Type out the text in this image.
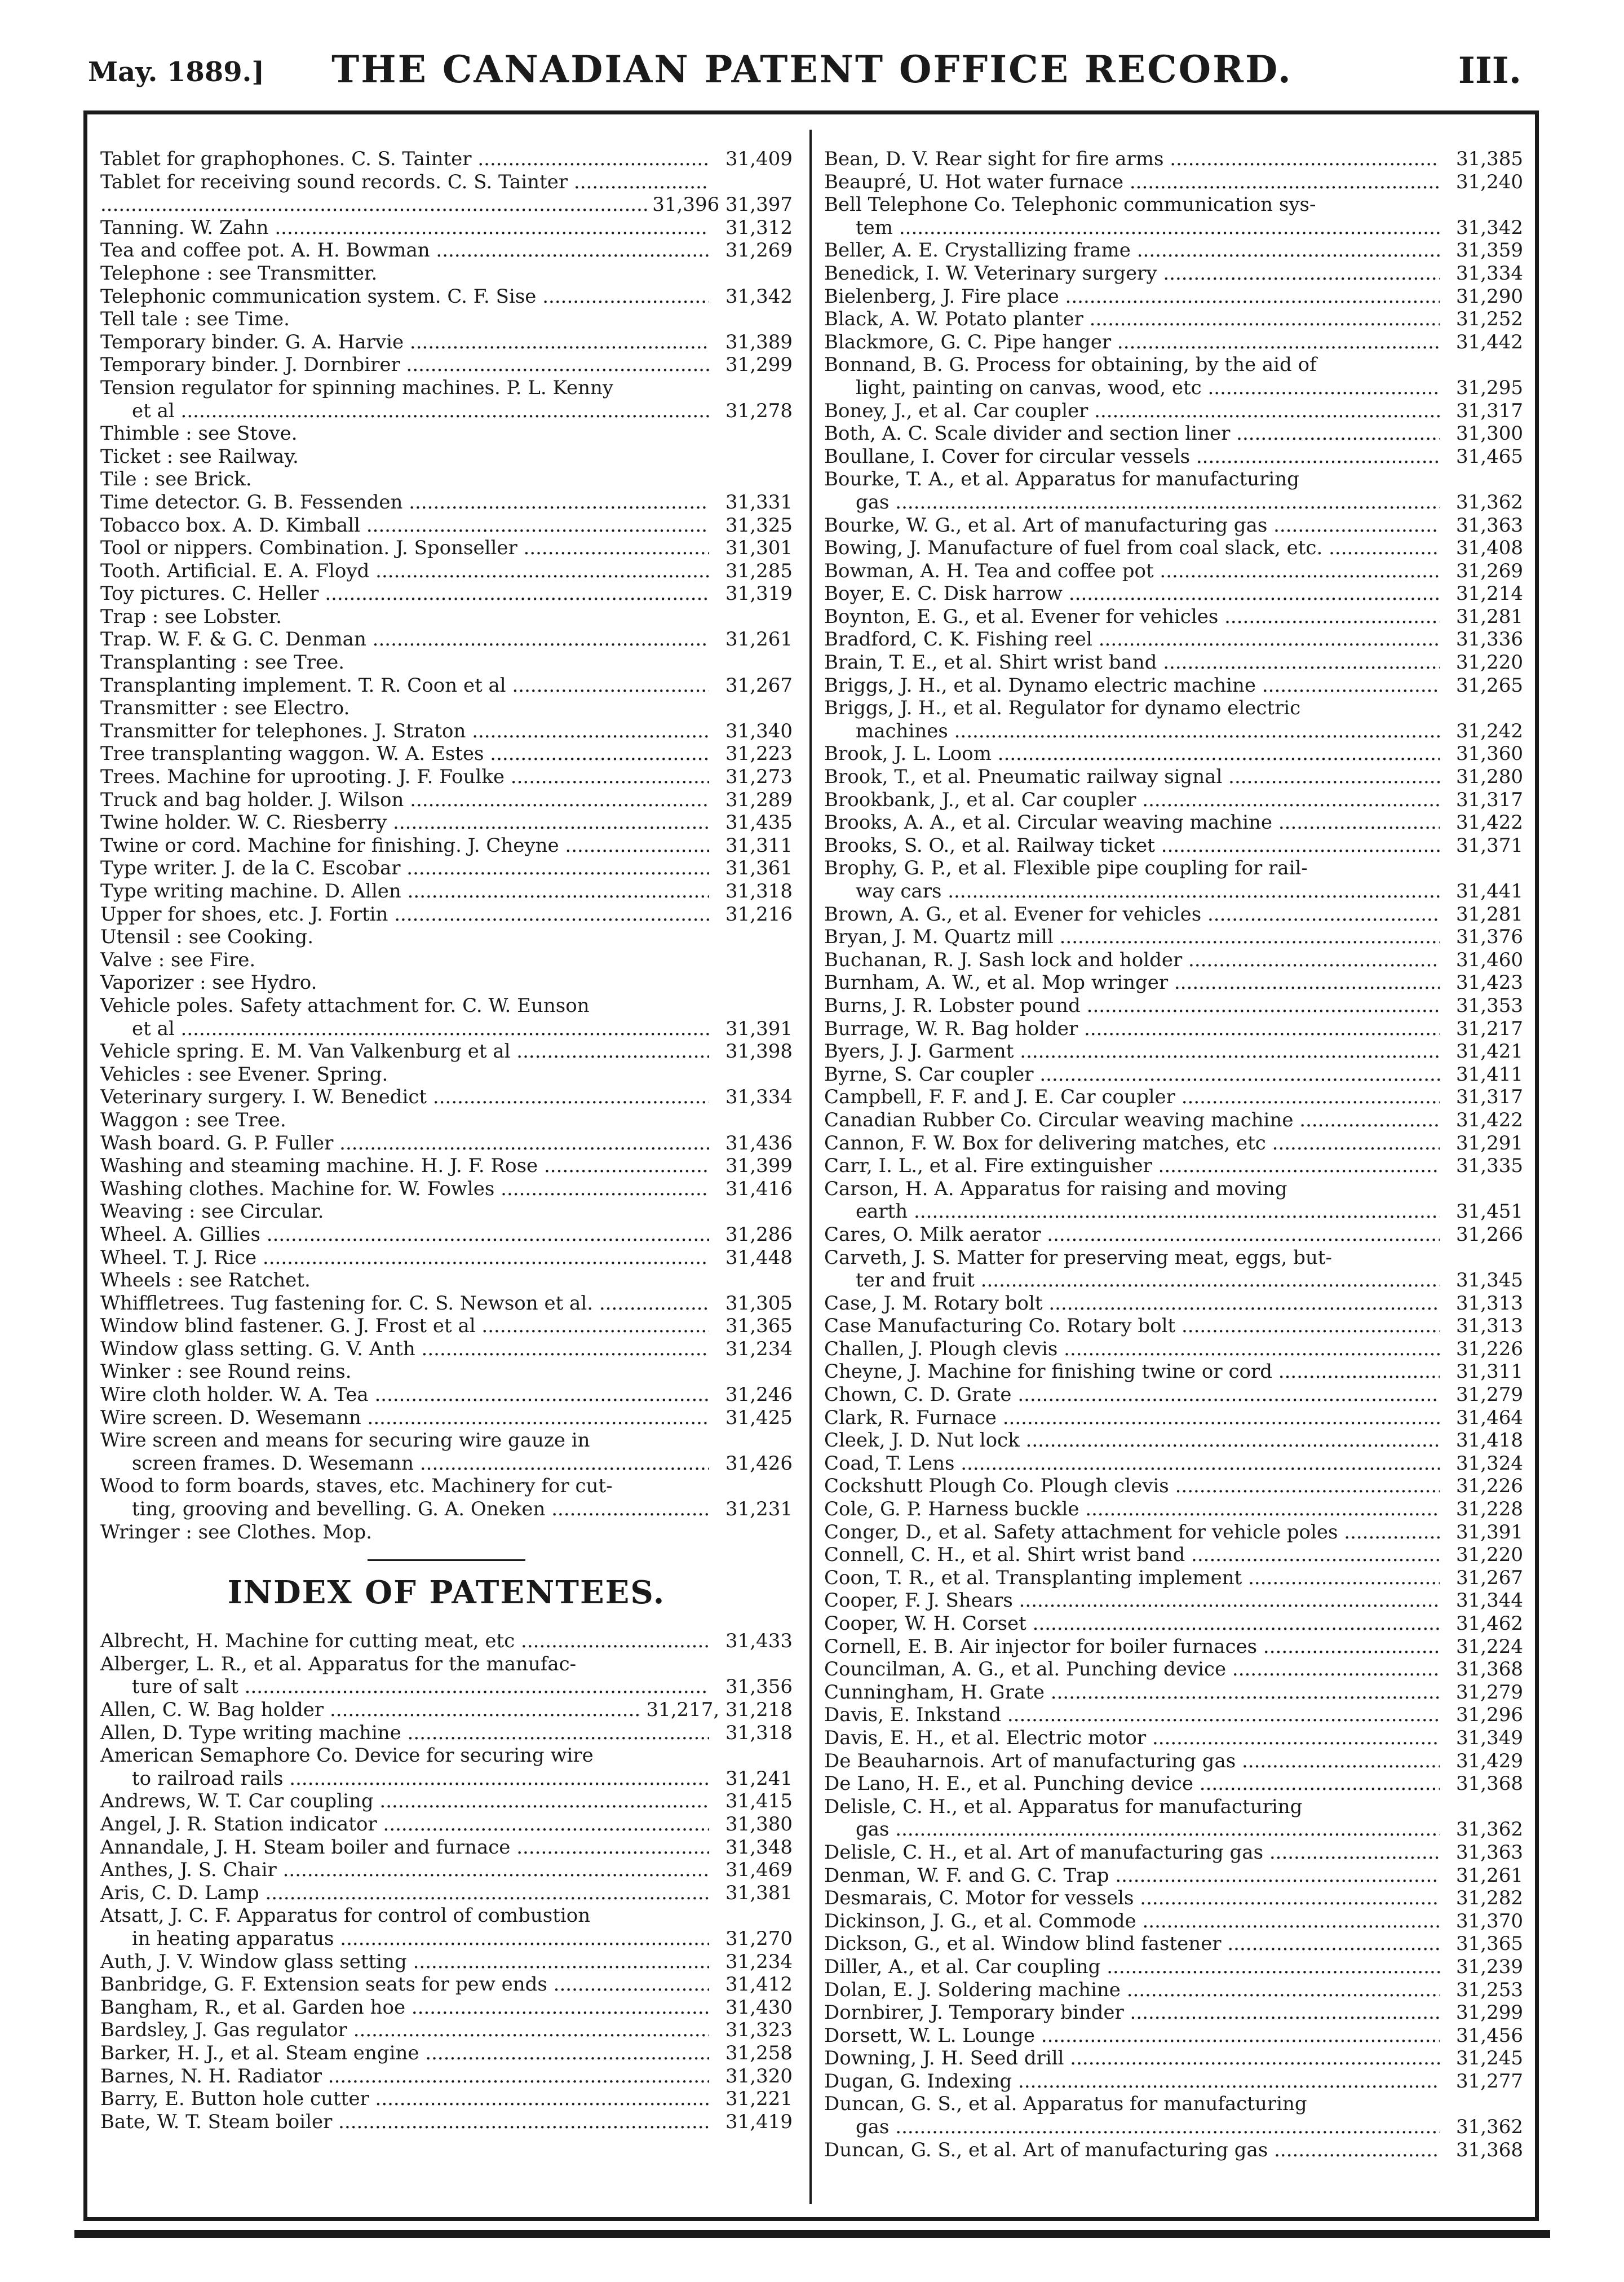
May. 1889.]	THE CANADIAN PATENT OFFICE RECORD.	III.
Tablet for graphophones. C. S. Tainter .....	31,409
Tablet for receiving sound records. C. S. Tainter .....
.....
31,396 31,397
Tanning. W. Zahn .....	31,312
Tea and coffee pot. A. H. Bowman .....	31,269
Telephone : see Transmitter.
Telephonic communication system. C. F. Sise .....	31,342
Tell tale : see Time.
Temporary binder. G. A. Harvie .....	31,389
Temporary binder. J. Dornbirer .....	31,299
Tension regulator for spinning machines. P. L. Kenny
et al .....	31,278
Thimble : see Stove.
Ticket : see Railway.
Tile : see Brick.
Time detector. G. B. Fessenden .....	31,331
Tobacco box. A. D. Kimball .....	31,325
Tool or nippers. Combination. J. Sponseller .....	31,301
Tooth. Artificial. E. A. Floyd .....	31,285
Toy pictures. C. Heller .....	31,319
Trap : see Lobster.
Trap. W. F. & G. C. Denman .....	31,261
Transplanting : see Tree.
Transplanting implement. T. R. Coon et al .....	31,267
Transmitter : see Electro.
Transmitter for telephones. J. Straton .....	31,340
Tree transplanting waggon. W. A. Estes .....	31,223
Trees. Machine for uprooting. J. F. Foulke .....	31,273
Truck and bag holder. J. Wilson .....	31,289
Twine holder. W. C. Riesberry .....	31,435
Twine or cord. Machine for finishing. J. Cheyne .....	31,311
Type writer. J. de la C. Escobar .....	31,361
Type writing machine. D. Allen .....	31,318
Upper for shoes, etc. J. Fortin .....	31,216
Utensil : see Cooking.
Valve : see Fire.
Vaporizer : see Hydro.
Vehicle poles. Safety attachment for. C. W. Eunson
et al .....	31,391
Vehicle spring. E. M. Van Valkenburg et al .....	31,398
Vehicles : see Evener. Spring.
Veterinary surgery. I. W. Benedict .....	31,334
Waggon : see Tree.
Wash board. G. P. Fuller .....	31,436
Washing and steaming machine. H. J. F. Rose .....	31,399
Washing clothes. Machine for. W. Fowles .....	31,416
Weaving : see Circular.
Wheel. A. Gillies .....	31,286
Wheel. T. J. Rice .....	31,448
Wheels : see Ratchet.
Whiffletrees. Tug fastening for. C. S. Newson et al. .....	31,305
Window blind fastener. G. J. Frost et al .....	31,365
Window glass setting. G. V. Anth .....	31,234
Winker : see Round reins.
Wire cloth holder. W. A. Tea .....	31,246
Wire screen. D. Wesemann .....	31,425
Wire screen and means for securing wire gauze in
screen frames. D. Wesemann .....	31,426
Wood to form boards, staves, etc. Machinery for cut-
ting, grooving and bevelling. G. A. Oneken .....	31,231
Wringer : see Clothes. Mop.
INDEX OF PATENTEES.
Albrecht, H. Machine for cutting meat, etc .....	31,433
Alberger, L. R., et al. Apparatus for the manufac-
ture of salt .....	31,356
Allen, C. W. Bag holder .....	31,217, 31,218
Allen, D. Type writing machine .....	31,318
American Semaphore Co. Device for securing wire
to railroad rails .....	31,241
Andrews, W. T. Car coupling .....	31,415
Angel, J. R. Station indicator .....	31,380
Annandale, J. H. Steam boiler and furnace .....	31,348
Anthes, J. S. Chair .....	31,469
Aris, C. D. Lamp .....	31,381
Atsatt, J. C. F. Apparatus for control of combustion
in heating apparatus .....	31,270
Auth, J. V. Window glass setting .....	31,234
Banbridge, G. F. Extension seats for pew ends .....	31,412
Bangham, R., et al. Garden hoe .....	31,430
Bardsley, J. Gas regulator .....	31,323
Barker, H. J., et al. Steam engine .....	31,258
Barnes, N. H. Radiator .....	31,320
Barry, E. Button hole cutter .....	31,221
Bate, W. T. Steam boiler .....	31,419
Bean, D. V. Rear sight for fire arms .....	31,385
Beaupré, U. Hot water furnace .....	31,240
Bell Telephone Co. Telephonic communication sys-
tem .....	31,342
Beller, A. E. Crystallizing frame .....	31,359
Benedick, I. W. Veterinary surgery .....	31,334
Bielenberg, J. Fire place .....	31,290
Black, A. W. Potato planter .....	31,252
Blackmore, G. C. Pipe hanger .....	31,442
Bonnand, B. G. Process for obtaining, by the aid of
light, painting on canvas, wood, etc .....	31,295
Boney, J., et al. Car coupler .....	31,317
Both, A. C. Scale divider and section liner .....	31,300
Boullane, I. Cover for circular vessels .....	31,465
Bourke, T. A., et al. Apparatus for manufacturing
gas .....	31,362
Bourke, W. G., et al. Art of manufacturing gas .....	31,363
Bowing, J. Manufacture of fuel from coal slack, etc. .....	31,408
Bowman, A. H. Tea and coffee pot .....	31,269
Boyer, E. C. Disk harrow .....	31,214
Boynton, E. G., et al. Evener for vehicles .....	31,281
Bradford, C. K. Fishing reel .....	31,336
Brain, T. E., et al. Shirt wrist band .....	31,220
Briggs, J. H., et al. Dynamo electric machine .....	31,265
Briggs, J. H., et al. Regulator for dynamo electric
machines .....	31,242
Brook, J. L. Loom .....	31,360
Brook, T., et al. Pneumatic railway signal .....	31,280
Brookbank, J., et al. Car coupler .....	31,317
Brooks, A. A., et al. Circular weaving machine .....	31,422
Brooks, S. O., et al. Railway ticket .....	31,371
Brophy, G. P., et al. Flexible pipe coupling for rail-
way cars .....	31,441
Brown, A. G., et al. Evener for vehicles .....	31,281
Bryan, J. M. Quartz mill .....	31,376
Buchanan, R. J. Sash lock and holder .....	31,460
Burnham, A. W., et al. Mop wringer .....	31,423
Burns, J. R. Lobster pound .....	31,353
Burrage, W. R. Bag holder .....	31,217
Byers, J. J. Garment .....	31,421
Byrne, S. Car coupler .....	31,411
Campbell, F. F. and J. E. Car coupler .....	31,317
Canadian Rubber Co. Circular weaving machine .....	31,422
Cannon, F. W. Box for delivering matches, etc .....	31,291
Carr, I. L., et al. Fire extinguisher .....	31,335
Carson, H. A. Apparatus for raising and moving
earth .....	31,451
Cares, O. Milk aerator .....	31,266
Carveth, J. S. Matter for preserving meat, eggs, but-
ter and fruit .....	31,345
Case, J. M. Rotary bolt .....	31,313
Case Manufacturing Co. Rotary bolt .....	31,313
Challen, J. Plough clevis .....	31,226
Cheyne, J. Machine for finishing twine or cord .....	31,311
Chown, C. D. Grate .....	31,279
Clark, R. Furnace .....	31,464
Cleek, J. D. Nut lock .....	31,418
Coad, T. Lens .....	31,324
Cockshutt Plough Co. Plough clevis .....	31,226
Cole, G. P. Harness buckle .....	31,228
Conger, D., et al. Safety attachment for vehicle poles .....	31,391
Connell, C. H., et al. Shirt wrist band .....	31,220
Coon, T. R., et al. Transplanting implement .....	31,267
Cooper, F. J. Shears .....	31,344
Cooper, W. H. Corset .....	31,462
Cornell, E. B. Air injector for boiler furnaces .....	31,224
Councilman, A. G., et al. Punching device .....	31,368
Cunningham, H. Grate .....	31,279
Davis, E. Inkstand .....	31,296
Davis, E. H., et al. Electric motor .....	31,349
De Beauharnois. Art of manufacturing gas .....	31,429
De Lano, H. E., et al. Punching device .....	31,368
Delisle, C. H., et al. Apparatus for manufacturing
gas .....	31,362
Delisle, C. H., et al. Art of manufacturing gas .....	31,363
Denman, W. F. and G. C. Trap .....	31,261
Desmarais, C. Motor for vessels .....	31,282
Dickinson, J. G., et al. Commode .....	31,370
Dickson, G., et al. Window blind fastener .....	31,365
Diller, A., et al. Car coupling .....	31,239
Dolan, E. J. Soldering machine .....	31,253
Dornbirer, J. Temporary binder .....	31,299
Dorsett, W. L. Lounge .....	31,456
Downing, J. H. Seed drill .....	31,245
Dugan, G. Indexing .....	31,277
Duncan, G. S., et al. Apparatus for manufacturing
gas .....	31,362
Duncan, G. S., et al. Art of manufacturing gas .....	31,368
